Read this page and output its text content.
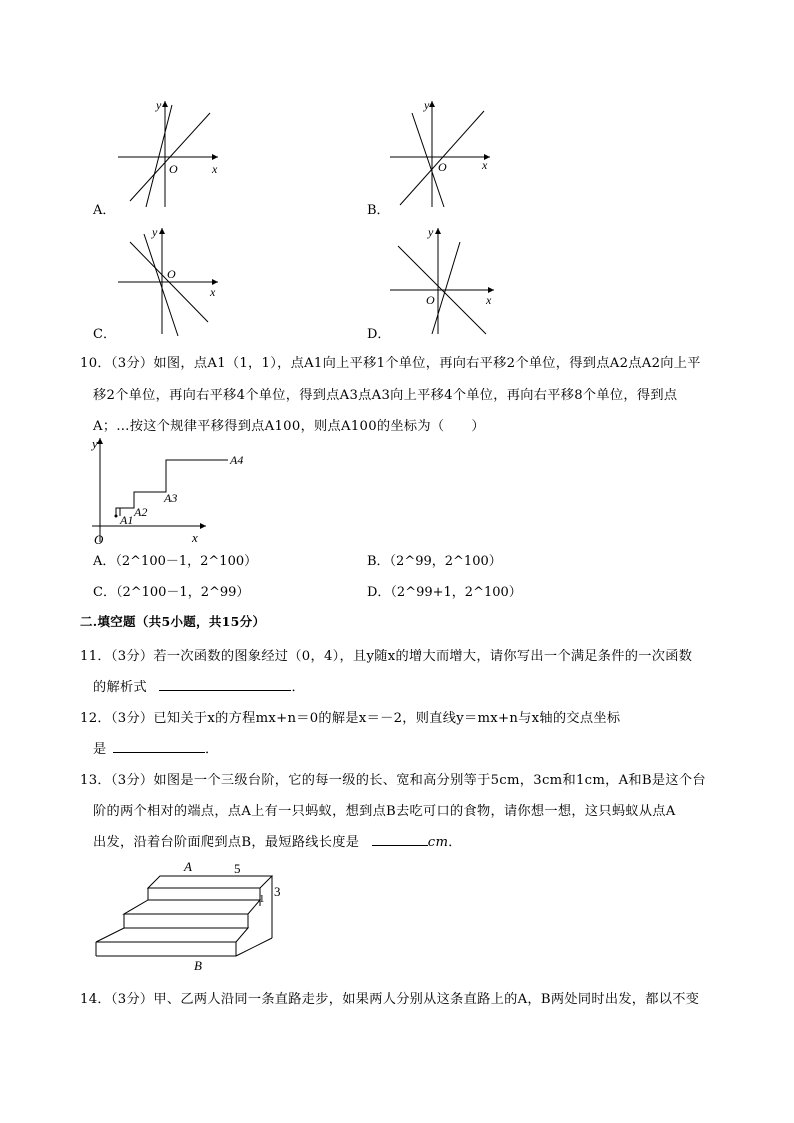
y
x
O
A．
y
x
O
B．
y
x
O
C．
y
x
O
D．
10．（3分）如图，点A1（1，1），点A1向上平移1个单位，再向右平移2个单位，得到点A2点A2向上平
移2个单位，再向右平移4个单位，得到点A3点A3向上平移4个单位，再向右平移8个单位，得到点
A；…按这个规律平移得到点A100，则点A100的坐标为（　　）
y
x
O
A1
A2
A3
A4
A．（2^100－1，2^100）	B．（2^99，2^100）
C．（2^100－1，2^99）	D．（2^99+1，2^100）
二.填空题（共5小题，共15分）
11．（3分）若一次函数的图象经过（0，4），且y随x的增大而增大，请你写出一个满足条件的一次函数
的解析式	．
12．（3分）已知关于x的方程mx+n＝0的解是x＝－2，则直线y＝mx+n与x轴的交点坐标
是	．
13．（3分）如图是一个三级台阶，它的每一级的长、宽和高分别等于5cm，3cm和1cm，A和B是这个台
阶的两个相对的端点，点A上有一只蚂蚁，想到点B去吃可口的食物，请你想一想，这只蚂蚁从点A
出发，沿着台阶面爬到点B，最短路线长度是	cm．
A	5
3
1
B
14．（3分）甲、乙两人沿同一条直路走步，如果两人分别从这条直路上的A，B两处同时出发，都以不变
